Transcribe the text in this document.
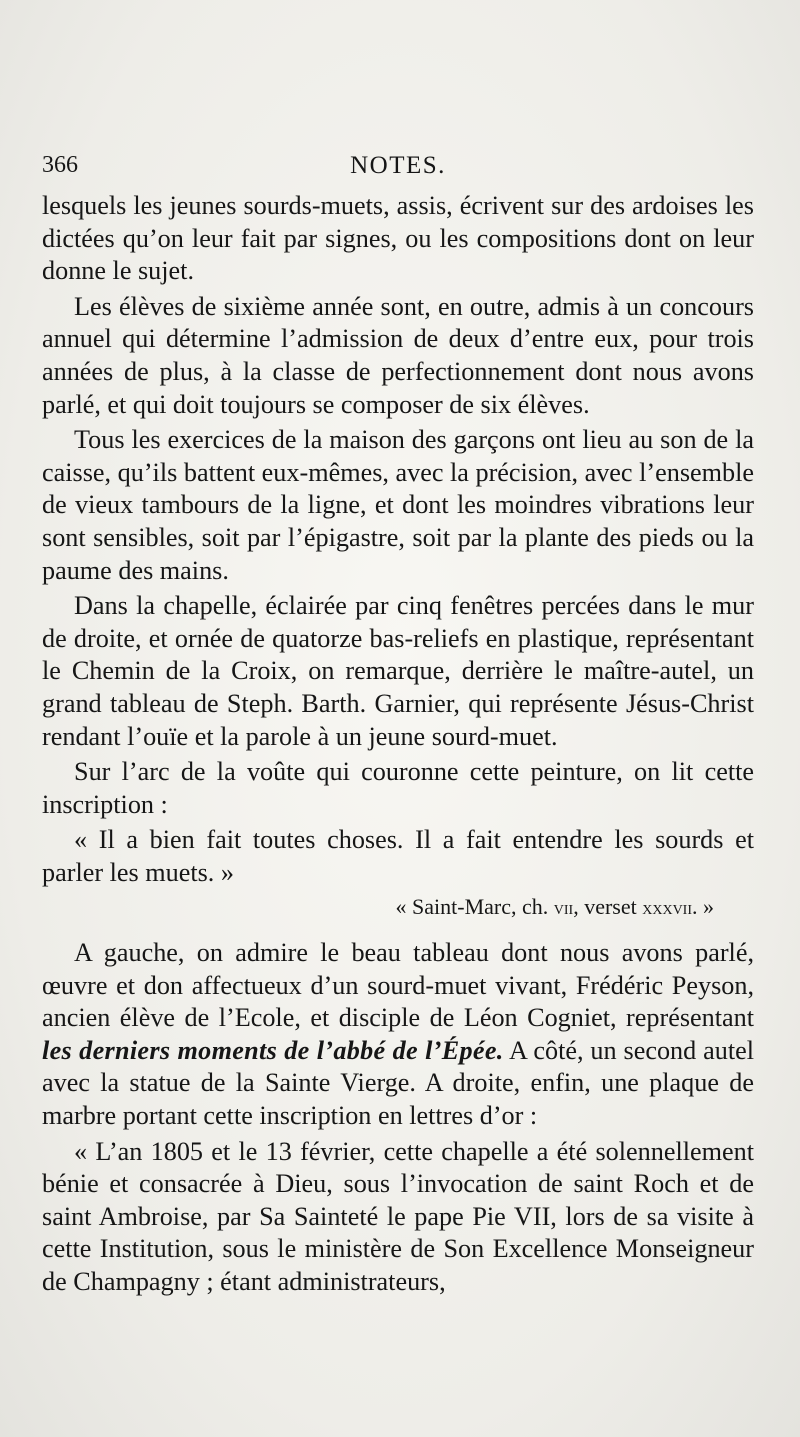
366	NOTES.

lesquels les jeunes sourds-muets, assis, écrivent sur des ardoises les dictées qu’on leur fait par signes, ou les compositions dont on leur donne le sujet.

Les élèves de sixième année sont, en outre, admis à un concours annuel qui détermine l’admission de deux d’entre eux, pour trois années de plus, à la classe de perfectionnement dont nous avons parlé, et qui doit toujours se composer de six élèves.

Tous les exercices de la maison des garçons ont lieu au son de la caisse, qu’ils battent eux-mêmes, avec la précision, avec l’ensemble de vieux tambours de la ligne, et dont les moindres vibrations leur sont sensibles, soit par l’épigastre, soit par la plante des pieds ou la paume des mains.

Dans la chapelle, éclairée par cinq fenêtres percées dans le mur de droite, et ornée de quatorze bas-reliefs en plastique, représentant le Chemin de la Croix, on remarque, derrière le maître-autel, un grand tableau de Steph. Barth. Garnier, qui représente Jésus-Christ rendant l’ouïe et la parole à un jeune sourd-muet.

Sur l’arc de la voûte qui couronne cette peinture, on lit cette inscription :

« Il a bien fait toutes choses. Il a fait entendre les sourds et parler les muets. »

« Saint-Marc, ch. vii, verset xxxvii. »

A gauche, on admire le beau tableau dont nous avons parlé, œuvre et don affectueux d’un sourd-muet vivant, Frédéric Peyson, ancien élève de l’Ecole, et disciple de Léon Cogniet, représentant les derniers moments de l’abbé de l’Épée. A côté, un second autel avec la statue de la Sainte Vierge. A droite, enfin, une plaque de marbre portant cette inscription en lettres d’or :

« L’an 1805 et le 13 février, cette chapelle a été solennellement bénie et consacrée à Dieu, sous l’invocation de saint Roch et de saint Ambroise, par Sa Sainteté le pape Pie VII, lors de sa visite à cette Institution, sous le ministère de Son Excellence Monseigneur de Champagny ; étant administrateurs,
